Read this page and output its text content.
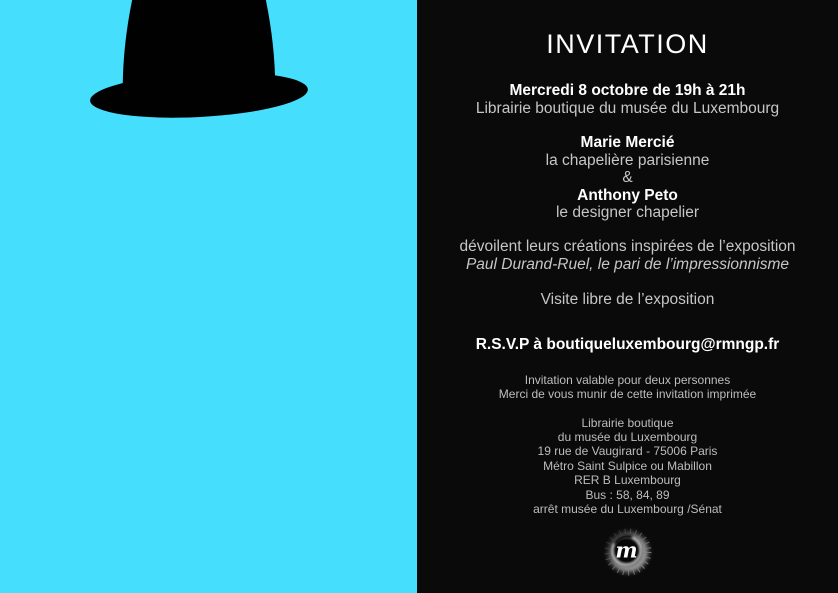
INVITATION
Mercredi 8 octobre de 19h à 21h
Librairie boutique du musée du Luxembourg
Marie Mercié
la chapelière parisienne
&
Anthony Peto
le designer chapelier
dévoilent leurs créations inspirées de l’exposition
Paul Durand-Ruel, le pari de l’impressionnisme
Visite libre de l’exposition
R.S.V.P à boutiqueluxembourg@rmngp.fr
Invitation valable pour deux personnes
Merci de vous munir de cette invitation imprimée
Librairie boutique
du musée du Luxembourg
19 rue de Vaugirard - 75006 Paris
Métro Saint Sulpice ou Mabillon
RER B Luxembourg
Bus : 58, 84, 89
arrêt musée du Luxembourg /Sénat
m
